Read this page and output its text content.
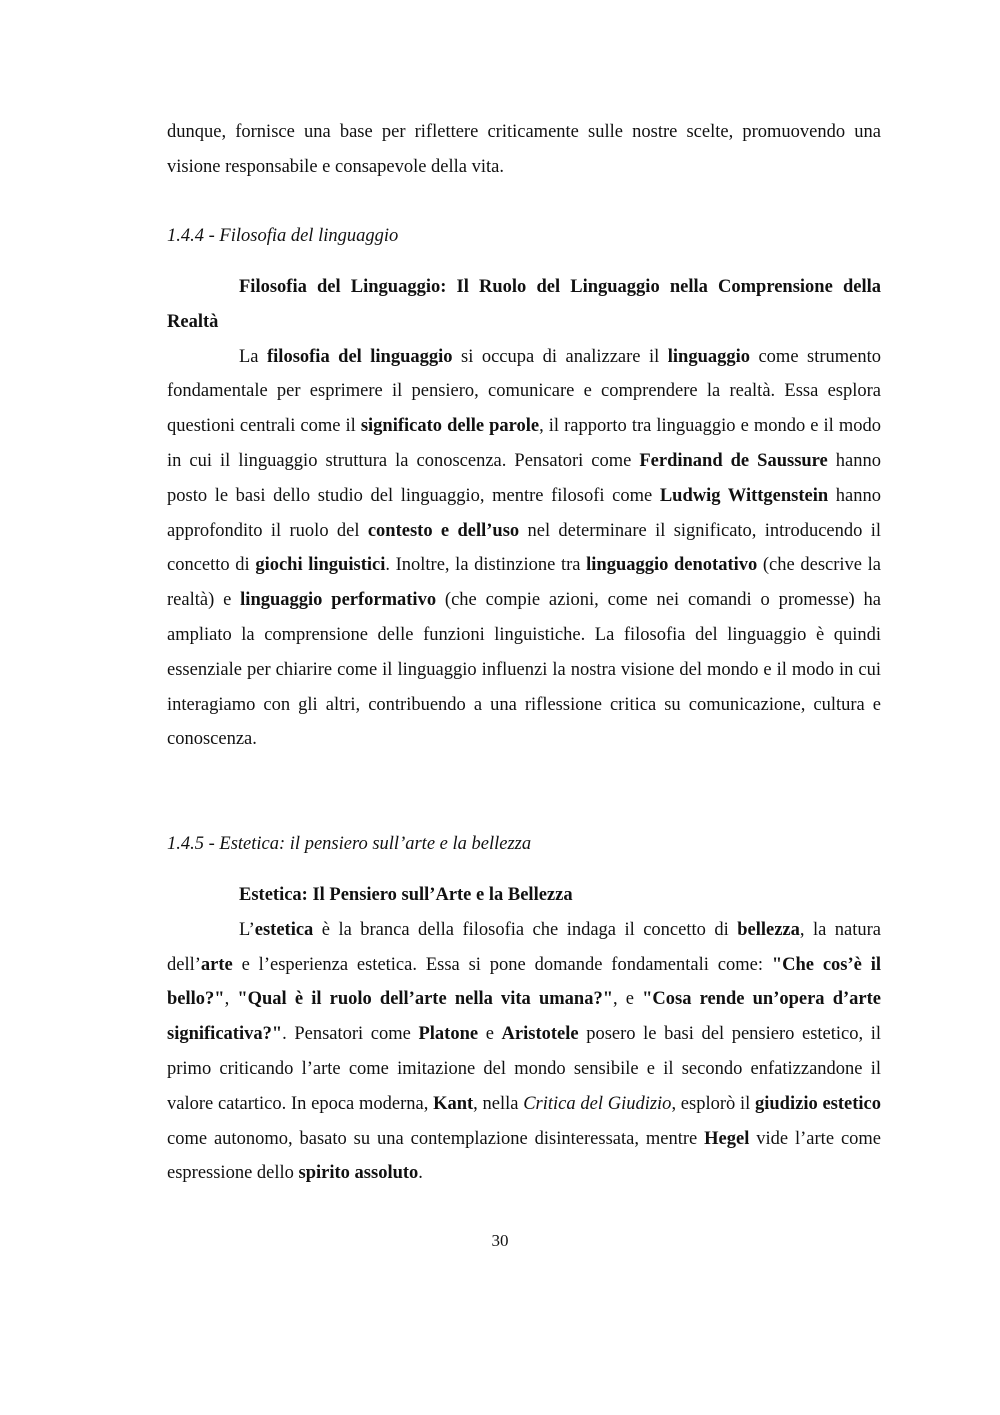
dunque, fornisce una base per riflettere criticamente sulle nostre scelte, promuovendo una visione responsabile e consapevole della vita.

1.4.4 - Filosofia del linguaggio

Filosofia del Linguaggio: Il Ruolo del Linguaggio nella Comprensione della Realtà

La filosofia del linguaggio si occupa di analizzare il linguaggio come strumento fondamentale per esprimere il pensiero, comunicare e comprendere la realtà. Essa esplora questioni centrali come il significato delle parole, il rapporto tra linguaggio e mondo e il modo in cui il linguaggio struttura la conoscenza. Pensatori come Ferdinand de Saussure hanno posto le basi dello studio del linguaggio, mentre filosofi come Ludwig Wittgenstein hanno approfondito il ruolo del contesto e dell’uso nel determinare il significato, introducendo il concetto di giochi linguistici. Inoltre, la distinzione tra linguaggio denotativo (che descrive la realtà) e linguaggio performativo (che compie azioni, come nei comandi o promesse) ha ampliato la comprensione delle funzioni linguistiche. La filosofia del linguaggio è quindi essenziale per chiarire come il linguaggio influenzi la nostra visione del mondo e il modo in cui interagiamo con gli altri, contribuendo a una riflessione critica su comunicazione, cultura e conoscenza.

1.4.5 - Estetica: il pensiero sull’arte e la bellezza

Estetica: Il Pensiero sull’Arte e la Bellezza

L’estetica è la branca della filosofia che indaga il concetto di bellezza, la natura dell’arte e l’esperienza estetica. Essa si pone domande fondamentali come: "Che cos’è il bello?", "Qual è il ruolo dell’arte nella vita umana?", e "Cosa rende un’opera d’arte significativa?". Pensatori come Platone e Aristotele posero le basi del pensiero estetico, il primo criticando l’arte come imitazione del mondo sensibile e il secondo enfatizzandone il valore catartico. In epoca moderna, Kant, nella Critica del Giudizio, esplorò il giudizio estetico come autonomo, basato su una contemplazione disinteressata, mentre Hegel vide l’arte come espressione dello spirito assoluto.

30
